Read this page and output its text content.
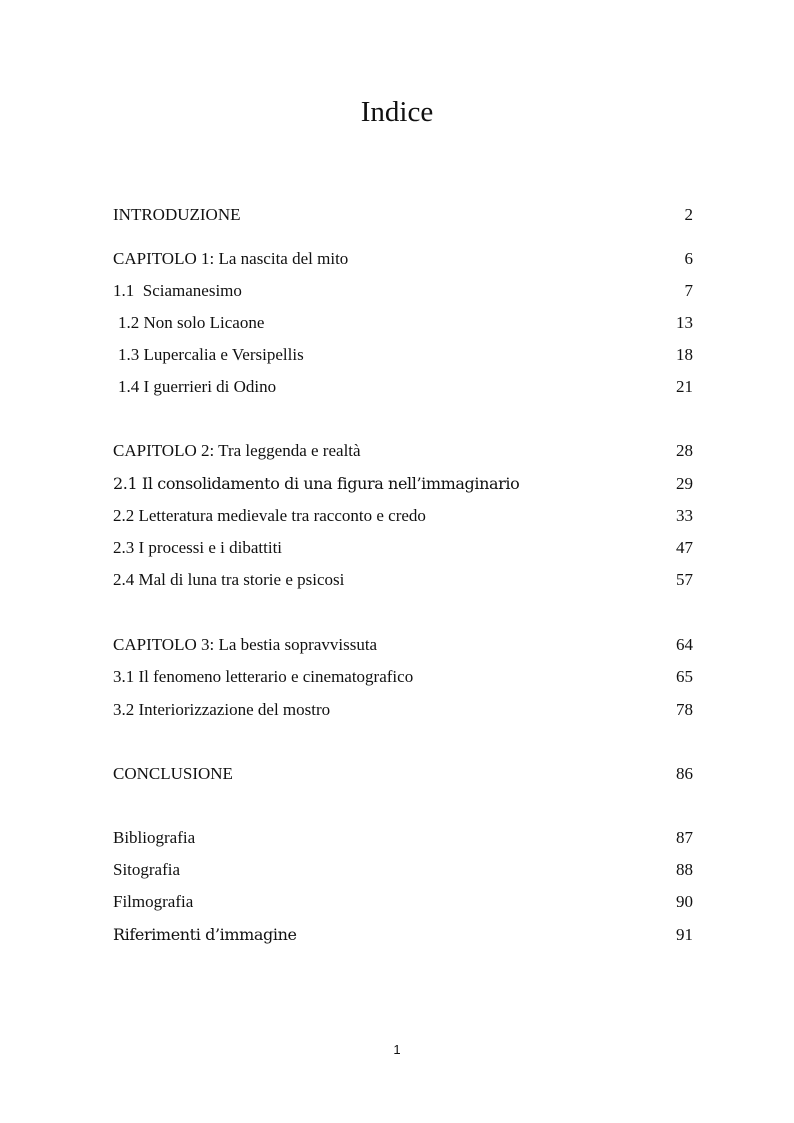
Indice
INTRODUZIONE	2
CAPITOLO 1: La nascita del mito	6
1.1  Sciamanesimo	7
1.2 Non solo Licaone	13
1.3 Lupercalia e Versipellis	18
1.4 I guerrieri di Odino	21
CAPITOLO 2: Tra leggenda e realtà	28
2.1 Il consolidamento di una figura nell’immaginario	29
2.2 Letteratura medievale tra racconto e credo	33
2.3 I processi e i dibattiti	47
2.4 Mal di luna tra storie e psicosi	57
CAPITOLO 3: La bestia sopravvissuta	64
3.1 Il fenomeno letterario e cinematografico	65
3.2 Interiorizzazione del mostro	78
CONCLUSIONE	86
Bibliografia	87
Sitografia	88
Filmografia	90
Riferimenti d’immagine	91
1
